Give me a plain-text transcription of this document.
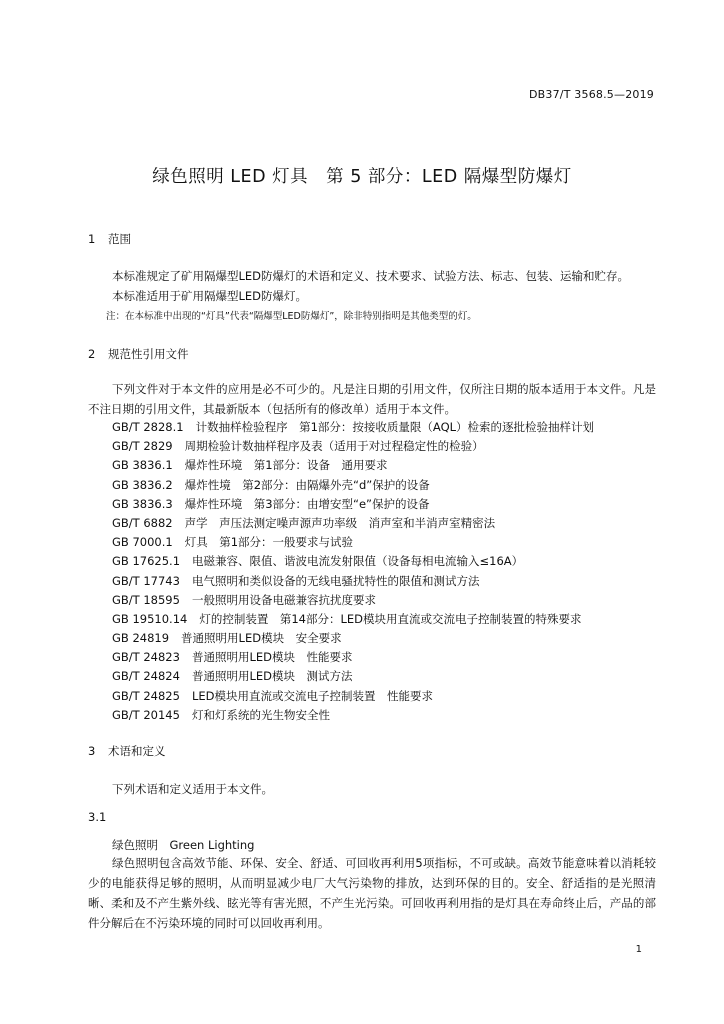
DB37/T 3568.5—2019
绿色照明 LED 灯具　第 5 部分：LED 隔爆型防爆灯
1 范围
本标准规定了矿用隔爆型LED防爆灯的术语和定义、技术要求、试验方法、标志、包装、运输和贮存。
本标准适用于矿用隔爆型LED防爆灯。
注：在本标准中出现的“灯具”代表“隔爆型LED防爆灯”，除非特别指明是其他类型的灯。
2 规范性引用文件
下列文件对于本文件的应用是必不可少的。凡是注日期的引用文件，仅所注日期的版本适用于本文件。凡是不注日期的引用文件，其最新版本（包括所有的修改单）适用于本文件。
GB/T 2828.1 计数抽样检验程序　第1部分：按接收质量限（AQL）检索的逐批检验抽样计划
GB/T 2829 周期检验计数抽样程序及表（适用于对过程稳定性的检验）
GB 3836.1 爆炸性环境　第1部分：设备　通用要求
GB 3836.2 爆炸性境　第2部分：由隔爆外壳“d”保护的设备
GB 3836.3 爆炸性环境　第3部分：由增安型“e”保护的设备
GB/T 6882 声学　声压法测定噪声源声功率级　消声室和半消声室精密法
GB 7000.1 灯具　第1部分：一般要求与试验
GB 17625.1 电磁兼容、限值、谐波电流发射限值（设备每相电流输入≤16A）
GB/T 17743 电气照明和类似设备的无线电骚扰特性的限值和测试方法
GB/T 18595 一般照明用设备电磁兼容抗扰度要求
GB 19510.14 灯的控制装置　第14部分：LED模块用直流或交流电子控制装置的特殊要求
GB 24819 普通照明用LED模块　安全要求
GB/T 24823 普通照明用LED模块　性能要求
GB/T 24824 普通照明用LED模块　测试方法
GB/T 24825 LED模块用直流或交流电子控制装置　性能要求
GB/T 20145 灯和灯系统的光生物安全性
3 术语和定义
下列术语和定义适用于本文件。
3.1
绿色照明　Green Lighting
绿色照明包含高效节能、环保、安全、舒适、可回收再利用5项指标，不可或缺。高效节能意味着以消耗较少的电能获得足够的照明，从而明显减少电厂大气污染物的排放，达到环保的目的。安全、舒适指的是光照清晰、柔和及不产生紫外线、眩光等有害光照，不产生光污染。可回收再利用指的是灯具在寿命终止后，产品的部件分解后在不污染环境的同时可以回收再利用。
1
